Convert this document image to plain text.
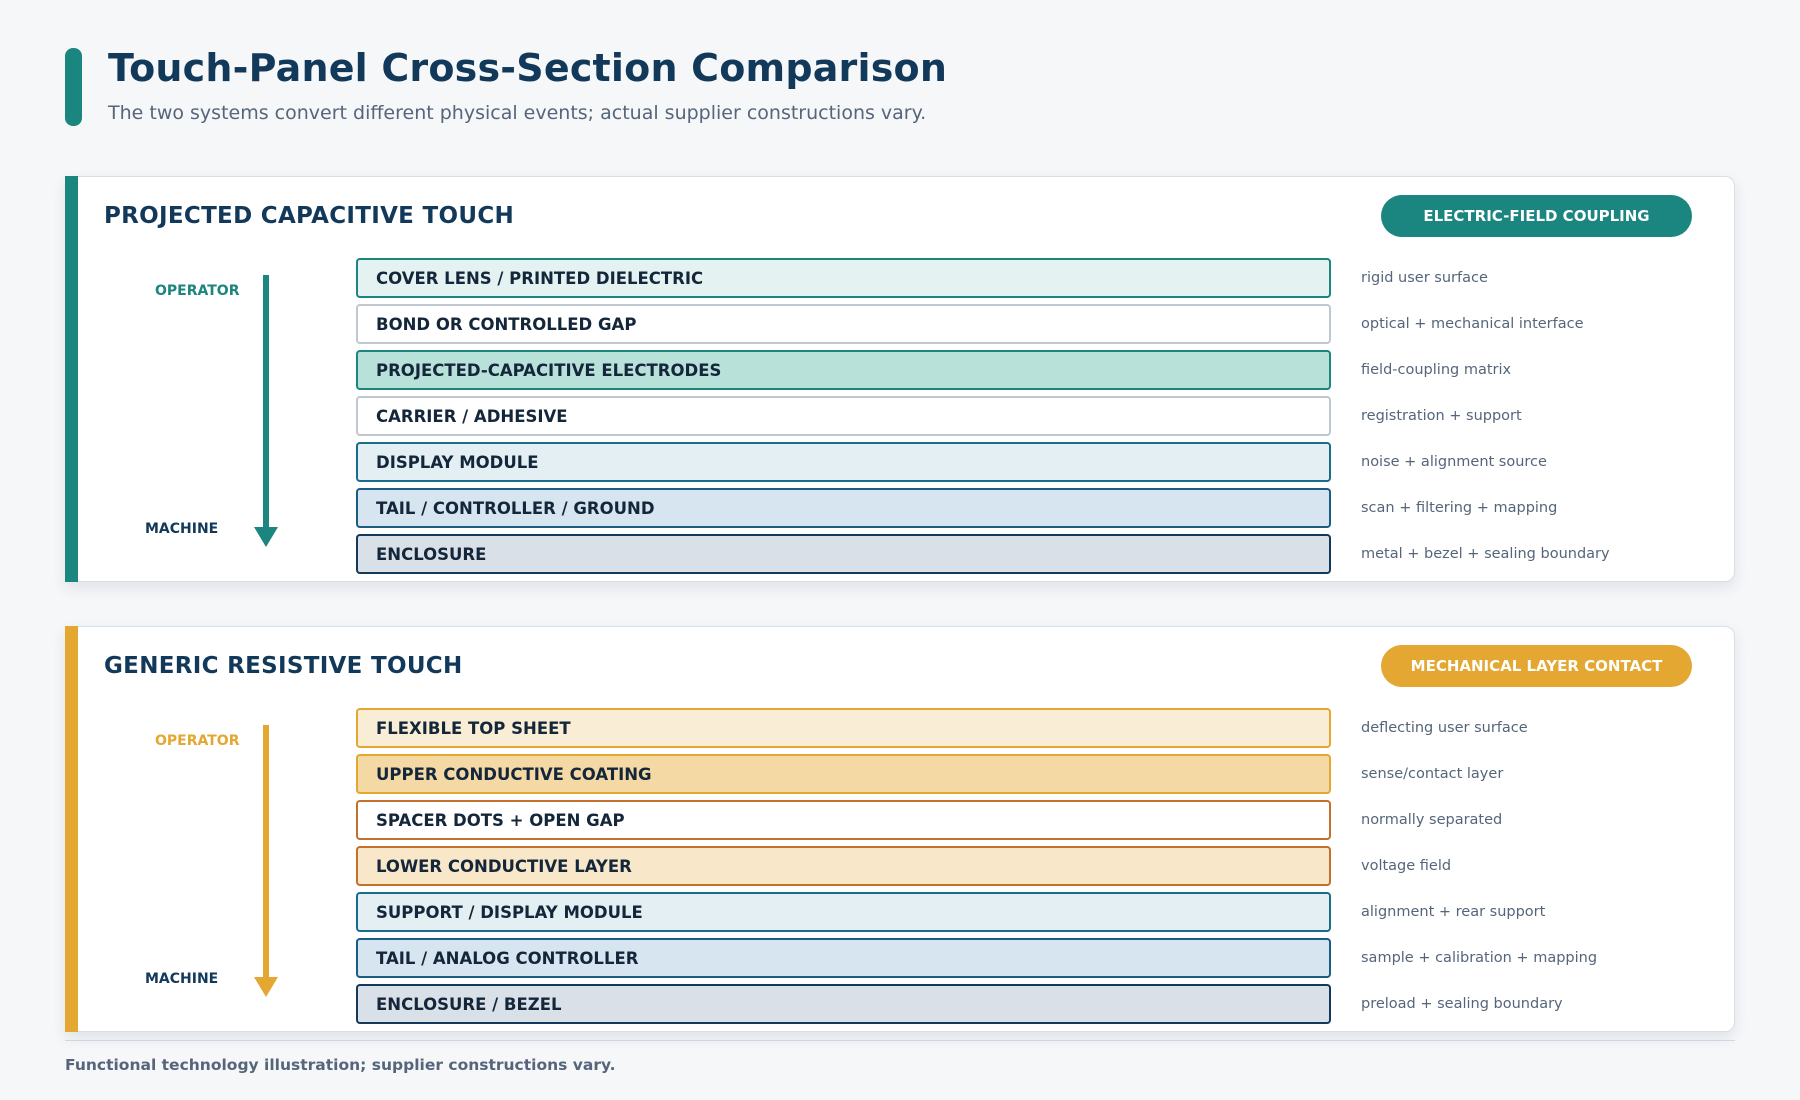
Touch-Panel Cross-Section Comparison
The two systems convert different physical events; actual supplier constructions vary.
PROJECTED CAPACITIVE TOUCH	ELECTRIC-FIELD COUPLING
OPERATOR
MACHINE
COVER LENS / PRINTED DIELECTRIC
BOND OR CONTROLLED GAP
PROJECTED-CAPACITIVE ELECTRODES
CARRIER / ADHESIVE
DISPLAY MODULE
TAIL / CONTROLLER / GROUND
ENCLOSURE
rigid user surface
optical + mechanical interface
field-coupling matrix
registration + support
noise + alignment source
scan + filtering + mapping
metal + bezel + sealing boundary
GENERIC RESISTIVE TOUCH	MECHANICAL LAYER CONTACT
OPERATOR
MACHINE
FLEXIBLE TOP SHEET
UPPER CONDUCTIVE COATING
SPACER DOTS + OPEN GAP
LOWER CONDUCTIVE LAYER
SUPPORT / DISPLAY MODULE
TAIL / ANALOG CONTROLLER
ENCLOSURE / BEZEL
deflecting user surface
sense/contact layer
normally separated
voltage field
alignment + rear support
sample + calibration + mapping
preload + sealing boundary
Functional technology illustration; supplier constructions vary.
